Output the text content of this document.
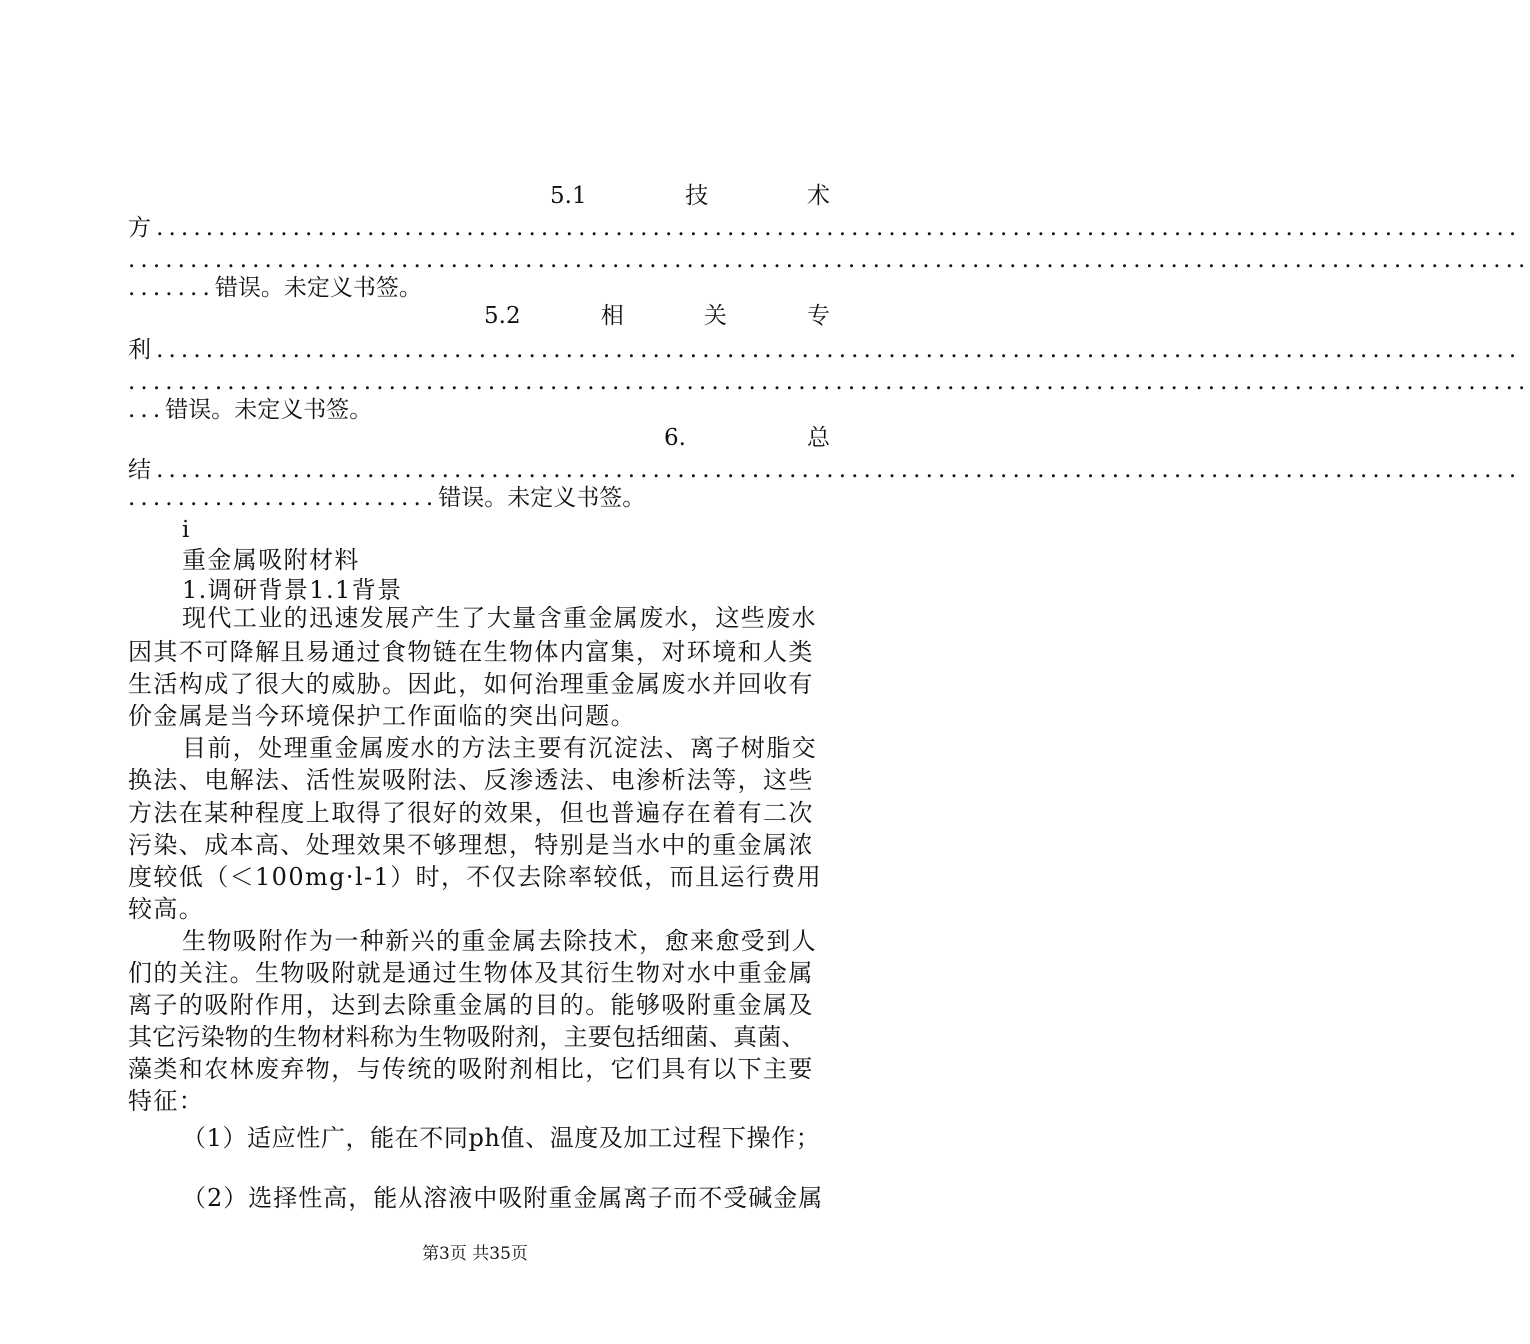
5.1	技	术
方..............................................................................................................
.................................................................................................................
.......错误。未定义书签。
5.2	相	关	专
利..............................................................................................................
.................................................................................................................
...错误。未定义书签。
6.	总
结..............................................................................................................
.........................错误。未定义书签。
i
重金属吸附材料
1.调研背景1.1背景
现代工业的迅速发展产生了大量含重金属废水，这些废水
因其不可降解且易通过食物链在生物体内富集，对环境和人类
生活构成了很大的威胁。因此，如何治理重金属废水并回收有
价金属是当今环境保护工作面临的突出问题。
目前，处理重金属废水的方法主要有沉淀法、离子树脂交
换法、电解法、活性炭吸附法、反渗透法、电渗析法等，这些
方法在某种程度上取得了很好的效果，但也普遍存在着有二次
污染、成本高、处理效果不够理想，特别是当水中的重金属浓
度较低（＜100mg·l-1）时，不仅去除率较低，而且运行费用
较高。
生物吸附作为一种新兴的重金属去除技术，愈来愈受到人
们的关注。生物吸附就是通过生物体及其衍生物对水中重金属
离子的吸附作用，达到去除重金属的目的。能够吸附重金属及
其它污染物的生物材料称为生物吸附剂，主要包括细菌、真菌、
藻类和农林废弃物，与传统的吸附剂相比，它们具有以下主要
特征：
（1）适应性广，能在不同ph值、温度及加工过程下操作；
（2）选择性高，能从溶液中吸附重金属离子而不受碱金属
第3页 共35页
